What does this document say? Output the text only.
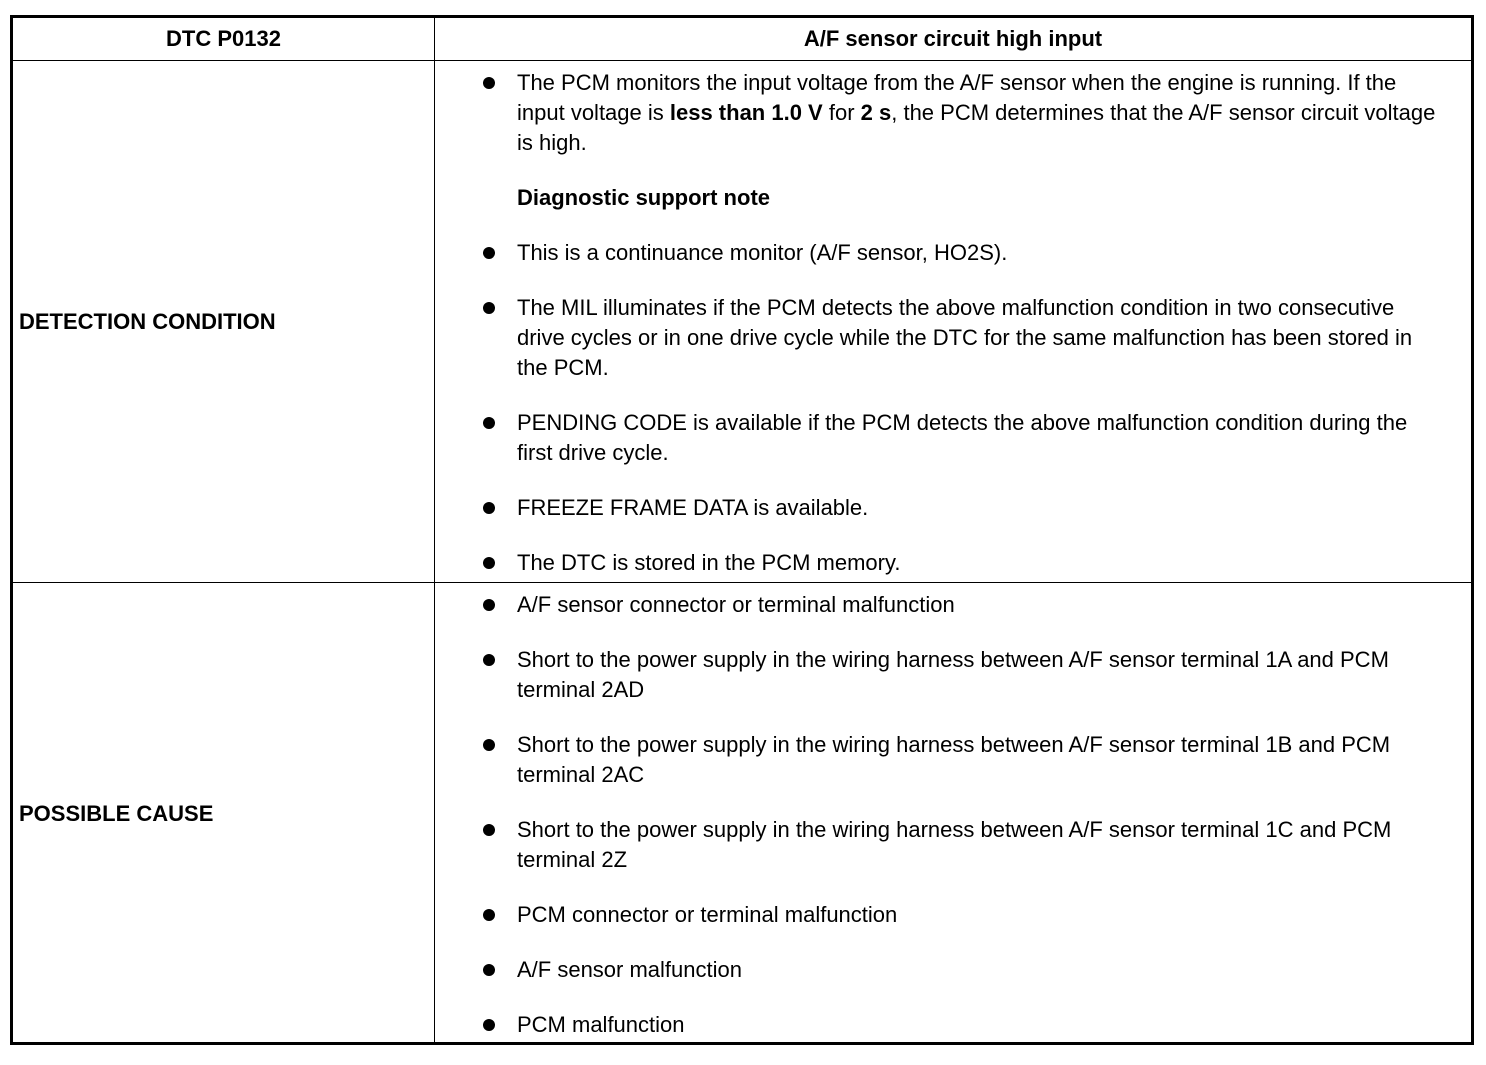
DTC P0132	A/F sensor circuit high input
DETECTION CONDITION
The PCM monitors the input voltage from the A/F sensor when the engine is running. If the input voltage is less than 1.0 V for 2 s, the PCM determines that the A/F sensor circuit voltage is high.
Diagnostic support note
This is a continuance monitor (A/F sensor, HO2S).
The MIL illuminates if the PCM detects the above malfunction condition in two consecutive drive cycles or in one drive cycle while the DTC for the same malfunction has been stored in the PCM.
PENDING CODE is available if the PCM detects the above malfunction condition during the first drive cycle.
FREEZE FRAME DATA is available.
The DTC is stored in the PCM memory.
POSSIBLE CAUSE
A/F sensor connector or terminal malfunction
Short to the power supply in the wiring harness between A/F sensor terminal 1A and PCM terminal 2AD
Short to the power supply in the wiring harness between A/F sensor terminal 1B and PCM terminal 2AC
Short to the power supply in the wiring harness between A/F sensor terminal 1C and PCM terminal 2Z
PCM connector or terminal malfunction
A/F sensor malfunction
PCM malfunction
